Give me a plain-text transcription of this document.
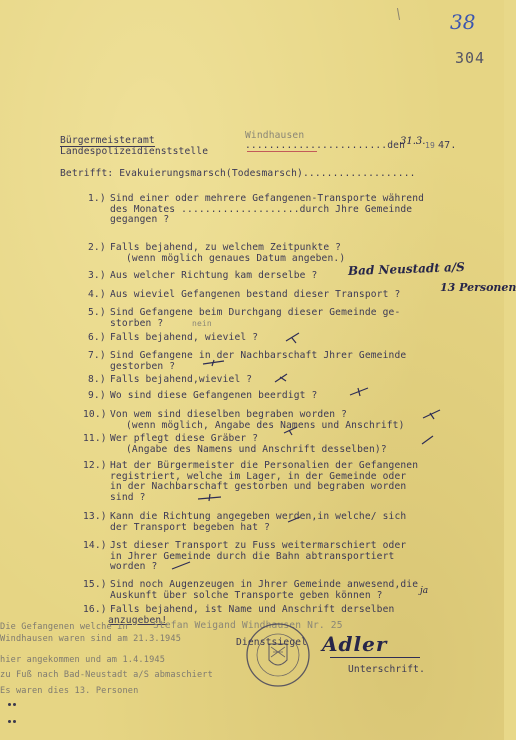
38
304
Bürgermeisteramt
Landespolizeidienststelle
Windhausen
........................den
31.3. 19 47.
Betrifft: Evakuierungsmarsch(Todesmarsch)...................
1.) Sind einer oder mehrere Gefangenen-Transporte während
des Monates ....................durch Jhre Gemeinde
gegangen ?
2.) Falls bejahend, zu welchem Zeitpunkte ?
(wenn möglich genaues Datum angeben.)
3.) Aus welcher Richtung kam derselbe ?
4.) Aus wieviel Gefangenen bestand dieser Transport ?
5.) Sind Gefangene beim Durchgang dieser Gemeinde ge-
storben ?
6.) Falls bejahend, wieviel ?
7.) Sind Gefangene in der Nachbarschaft Jhrer Gemeinde
gestorben ?
8.) Falls bejahend,wieviel ?
9.) Wo sind diese Gefangenen beerdigt ?
10.) Von wem sind dieselben begraben worden ?
(wenn möglich, Angabe des Namens und Anschrift)
11.) Wer pflegt diese Gräber ?
(Angabe des Namens und Anschrift desselben)?
12.) Hat der Bürgermeister die Personalien der Gefangenen
registriert, welche im Lager, in der Gemeinde oder
in der Nachbarschaft gestorben und begraben worden
sind ?
13.) Kann die Richtung angegeben werden,in welche/ sich
der Transport begeben hat ?
14.) Jst dieser Transport zu Fuss weitermarschiert oder
in Jhrer Gemeinde durch die Bahn abtransportiert
worden ?
15.) Sind noch Augenzeugen in Jhrer Gemeinde anwesend,die
Auskunft über solche Transporte geben können ?
16.) Falls bejahend, ist Name und Anschrift derselben
anzugeben!
Bad Neustadt a/S
13 Personen
nein
ja
Stefan Weigand Windhausen Nr. 25
Die Gefangenen welche in
Windhausen waren sind am 21.3.1945
hier angekommen und am 1.4.1945
zu Fuß nach Bad-Neustadt a/S abmaschiert
Es waren dies 13. Personen
Dienstsiegel Adler
Unterschrift.
